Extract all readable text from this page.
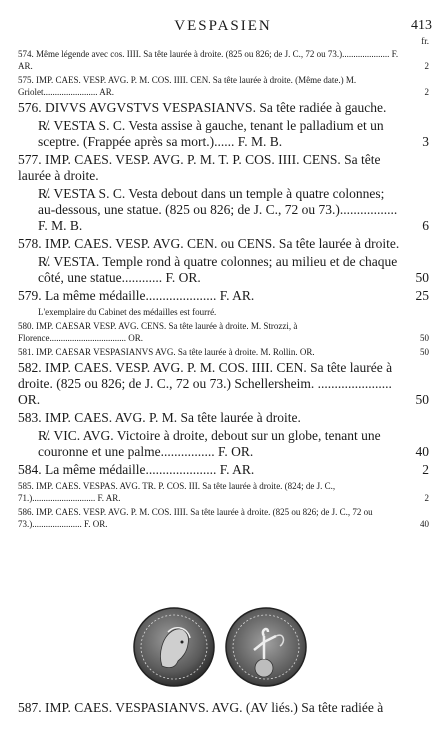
VESPASIEN	413
fr.
574. Même légende avec cos. IIII. Sa tête laurée à droite. (825 ou 826; de J. C., 72 ou 73.)..................... F. AR.	2
575. IMP. CAES. VESP. AVG. P. M. COS. IIII. CEN. Sa tête laurée à droite. (Même date.) M. Griolet........................ AR.	2
576. DIVVS AVGVSTVS VESPASIANVS. Sa tête radiée à gauche.
R̸. VESTA S. C. Vesta assise à gauche, tenant le palladium et un sceptre. (Frappée après sa mort.)...... F. M. B.	3
577. IMP. CAES. VESP. AVG. P. M. T. P. COS. IIII. CENS. Sa tête laurée à droite.
R̸. VESTA S. C. Vesta debout dans un temple à quatre colonnes; au-dessous, une statue. (825 ou 826; de J. C., 72 ou 73.)................. F. M. B.	6
578. IMP. CAES. VESP. AVG. CEN. ou CENS. Sa tête laurée à droite.
R̸. VESTA. Temple rond à quatre colonnes; au milieu et de chaque côté, une statue............ F. OR.	50
579. La même médaille..................... F. AR.	25
L'exemplaire du Cabinet des médailles est fourré.
580. IMP. CAESAR VESP. AVG. CENS. Sa tête laurée à droite. M. Strozzi, à Florence.................................. OR.	50
581. IMP. CAESAR VESPASIANVS AVG. Sa tête laurée à droite. M. Rollin. OR.	50
582. IMP. CAES. VESP. AVG. P. M. COS. IIII. CEN. Sa tête laurée à droite. (825 ou 826; de J. C., 72 ou 73.) Schellersheim. ...................... OR.	50
583. IMP. CAES. AVG. P. M. Sa tête laurée à droite.
R̸. VIC. AVG. Victoire à droite, debout sur un globe, tenant une couronne et une palme................ F. OR.	40
584. La même médaille..................... F. AR.	2
585. IMP. CAES. VESPAS. AVG. TR. P. COS. III. Sa tête laurée à droite. (824; de J. C., 71.)............................ F. AR.	2
586. IMP. CAES. VESP. AVG. P. M. COS. IIII. Sa tête laurée à droite. (825 ou 826; de J. C., 72 ou 73.)...................... F. OR.	40
587. IMP. CAES. VESPASIANVS. AVG. (AV liés.) Sa tête radiée à
